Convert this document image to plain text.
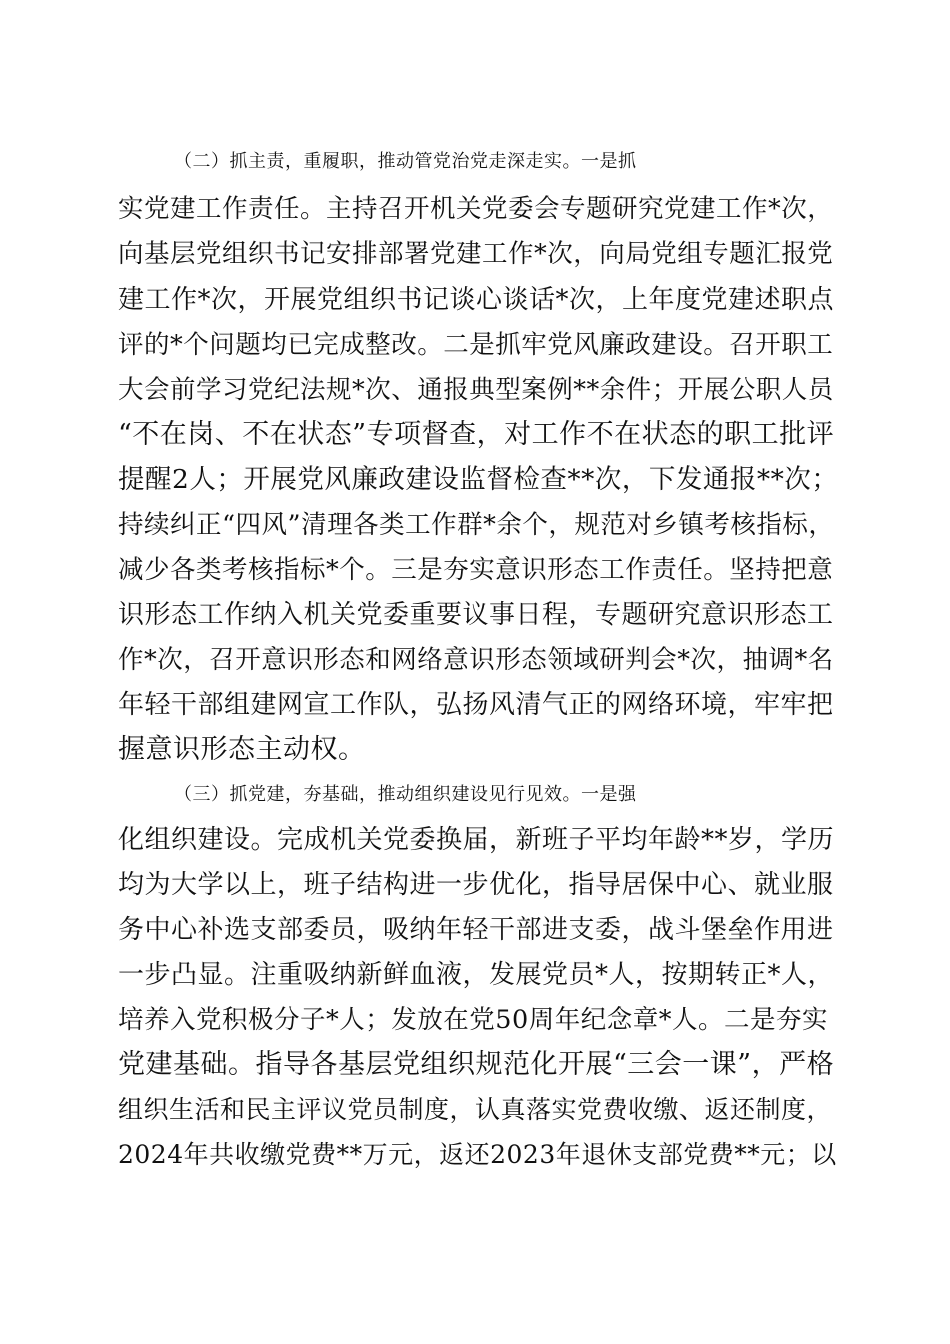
（二）抓主责，重履职，推动管党治党走深走实。一是抓
实党建工作责任。主持召开机关党委会专题研究党建工作*次，
向基层党组织书记安排部署党建工作*次，向局党组专题汇报党
建工作*次，开展党组织书记谈心谈话*次，上年度党建述职点
评的*个问题均已完成整改。二是抓牢党风廉政建设。召开职工
大会前学习党纪法规*次、通报典型案例**余件；开展公职人员
“不在岗、不在状态”专项督查，对工作不在状态的职工批评
提醒2人；开展党风廉政建设监督检查**次，下发通报**次；
持续纠正“四风”清理各类工作群*余个，规范对乡镇考核指标，
减少各类考核指标*个。三是夯实意识形态工作责任。坚持把意
识形态工作纳入机关党委重要议事日程，专题研究意识形态工
作*次，召开意识形态和网络意识形态领域研判会*次，抽调*名
年轻干部组建网宣工作队，弘扬风清气正的网络环境，牢牢把
握意识形态主动权。
（三）抓党建，夯基础，推动组织建设见行见效。一是强
化组织建设。完成机关党委换届，新班子平均年龄**岁，学历
均为大学以上，班子结构进一步优化，指导居保中心、就业服
务中心补选支部委员，吸纳年轻干部进支委，战斗堡垒作用进
一步凸显。注重吸纳新鲜血液，发展党员*人，按期转正*人，
培养入党积极分子*人；发放在党50周年纪念章*人。二是夯实
党建基础。指导各基层党组织规范化开展“三会一课”，严格
组织生活和民主评议党员制度，认真落实党费收缴、返还制度，
2024年共收缴党费**万元，返还2023年退休支部党费**元；以
